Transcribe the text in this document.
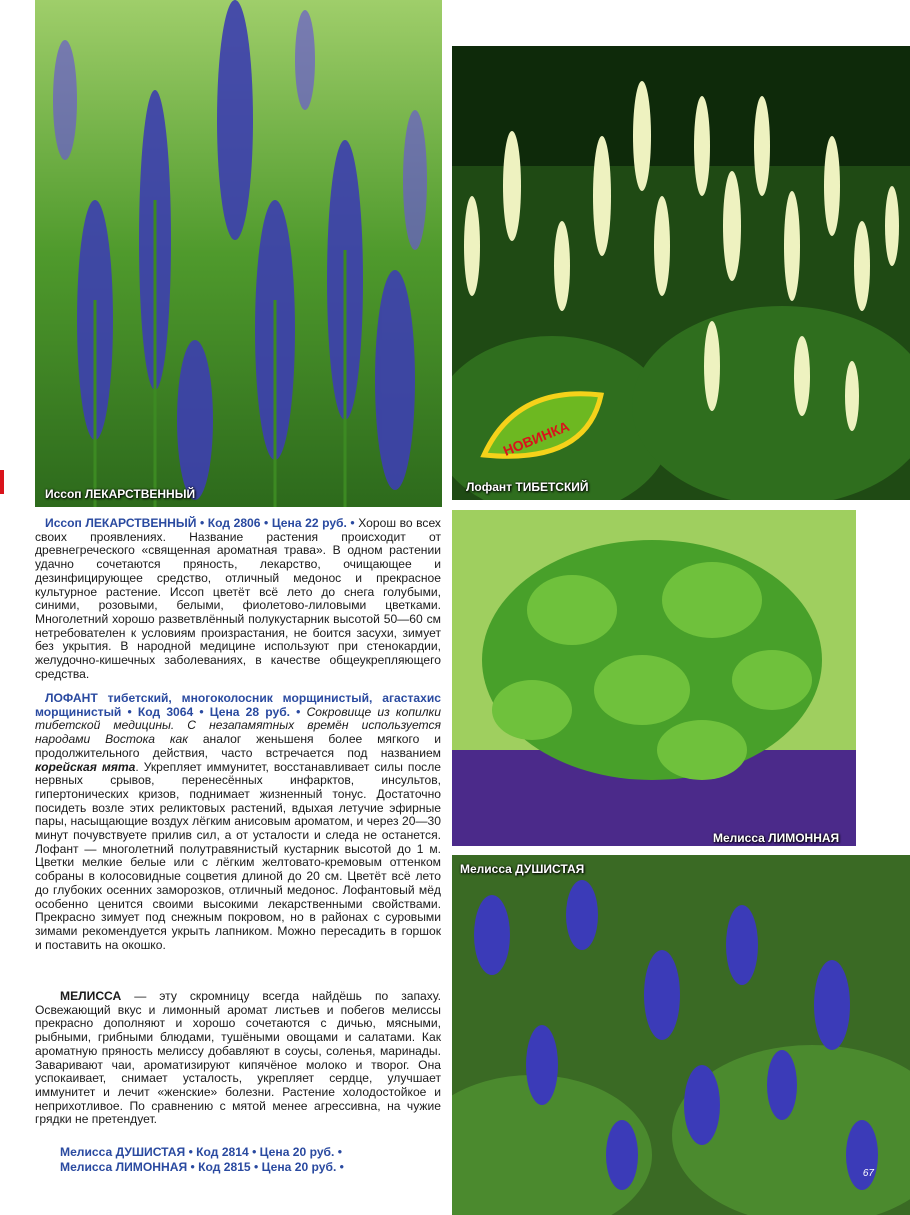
Иссоп ЛЕКАРСТВЕННЫЙ
НОВИНКА
Лофант ТИБЕТСКИЙ
Мелисса ЛИМОННАЯ
Мелисса ДУШИСТАЯ
67

Иссоп ЛЕКАРСТВЕННЫЙ • Код 2806 • Цена 22 руб. • Хорош во всех своих проявлениях. Название растения происходит от древнегреческого «священная ароматная трава». В одном растении удачно сочетаются пряность, лекарство, очищающее и дезинфицирующее средство, отличный медонос и прекрасное культурное растение. Иссоп цветёт всё лето до снега голубыми, синими, розовыми, белыми, фиолетово-лиловыми цветками. Многолетний хорошо разветвлённый полукустарник высотой 50—60 см нетребователен к условиям произрастания, не боится засухи, зимует без укрытия. В народной медицине используют при стенокардии, желудочно-кишечных заболеваниях, в качестве общеукрепляющего средства.

ЛОФАНТ тибетский, многоколосник морщинистый, агастахис морщинистый • Код 3064 • Цена 28 руб. • Сокровище из копилки тибетской медицины. С незапамятных времён используется народами Востока как аналог женьшеня более мягкого и продолжительного действия, часто встречается под названием корейская мята. Укрепляет иммунитет, восстанавливает силы после нервных срывов, перенесённых инфарктов, инсультов, гипертонических кризов, поднимает жизненный тонус. Достаточно посидеть возле этих реликтовых растений, вдыхая летучие эфирные пары, насыщающие воздух лёгким анисовым ароматом, и через 20—30 минут почувствуете прилив сил, а от усталости и следа не останется. Лофант — многолетний полутравянистый кустарник высотой до 1 м. Цветки мелкие белые или с лёгким желтовато-кремовым оттенком собраны в колосовидные соцветия длиной до 20 см. Цветёт всё лето до глубоких осенних заморозков, отличный медонос. Лофантовый мёд особенно ценится своими высокими лекарственными свойствами. Прекрасно зимует под снежным покровом, но в районах с суровыми зимами рекомендуется укрыть лапником. Можно пересадить в горшок и поставить на окошко.

МЕЛИССА — эту скромницу всегда найдёшь по запаху. Освежающий вкус и лимонный аромат листьев и побегов мелиссы прекрасно дополняют и хорошо сочетаются с дичью, мясными, рыбными, грибными блюдами, тушёными овощами и салатами. Как ароматную пряность мелиссу добавляют в соусы, соленья, маринады. Заваривают чаи, ароматизируют кипячёное молоко и творог. Она успокаивает, снимает усталость, укрепляет сердце, улучшает иммунитет и лечит «женские» болезни. Растение холодостойкое и неприхотливое. По сравнению с мятой менее агрессивна, на чужие грядки не претендует.

Мелисса ДУШИСТАЯ • Код 2814 • Цена 20 руб. •
Мелисса ЛИМОННАЯ • Код 2815 • Цена 20 руб. •
